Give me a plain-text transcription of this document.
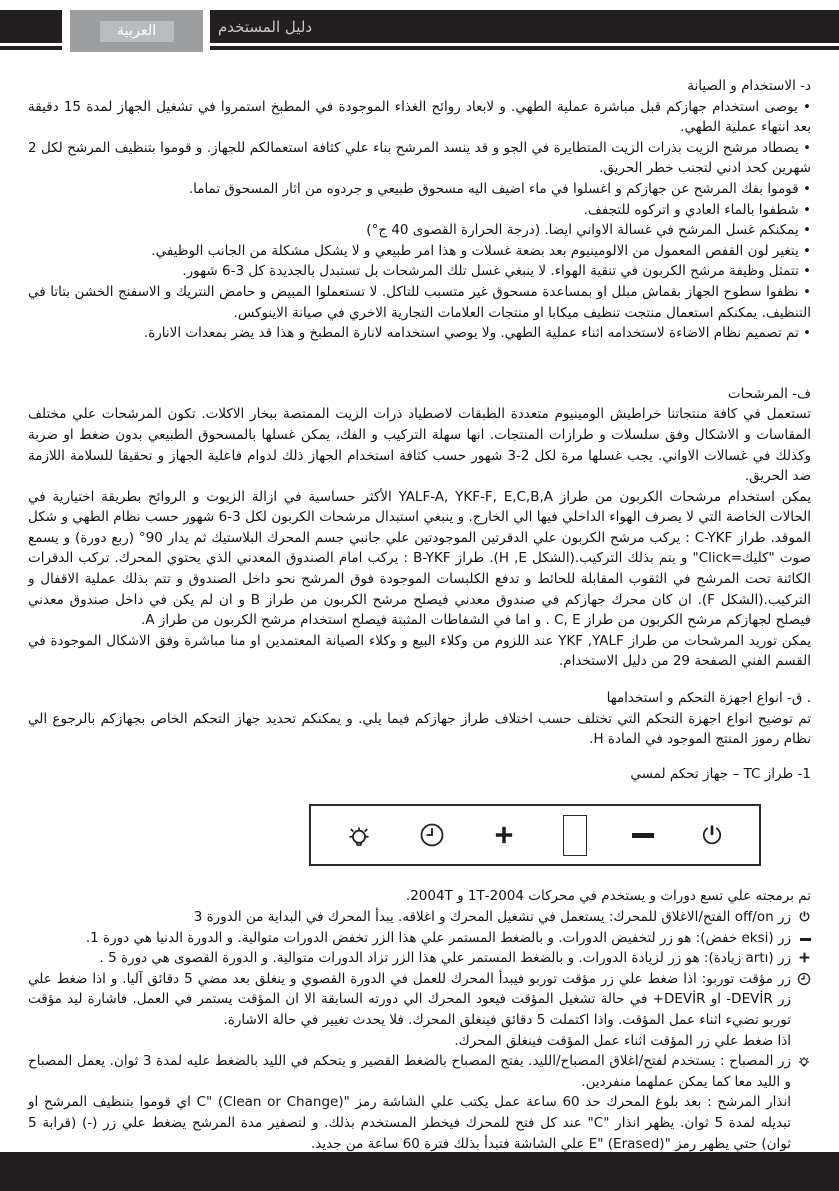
العربية	دليل المستخدم
د- الاستخدام و الصيانة
• يوصى استخدام جهازكم قبل مباشرة عملية الطهي. و لابعاد روائح الغذاء الموجودة في المطبخ استمروا في تشغيل الجهاز لمدة 15 دقيقة بعد انتهاء عملية الطهي.
• يصطاد مرشح الزيت بذرات الزيت المتطايرة في الجو و قد ينسد المرشح بناء علي كثافة استعمالكم للجهاز. و قوموا بتنظيف المرشح لكل 2 شهرين كحد ادني لتجنب خطر الحريق.
• قوموا بفك المرشح عن جهازكم و اغسلوا في ماء اضيف اليه مسحوق طبيعي و جردوه من اثار المسحوق تماما.
• شطفوا بالماء العادي و اتركوه للتجفف.
• يمكنكم غسل المرشح في غسالة الاواني ايضا. (درجة الحرارة القصوى 40 ج°)
• يتغير لون القفص المعمول من الالومينيوم بعد بضعة غسلات و هذا امر طبيعي و لا يشكل مشكلة من الجانب الوظيفي.
• تتمثل وظيفة مرشح الكربون في تنقية الهواء. لا ينبغي غسل تلك المرشحات بل تستبدل بالجديدة كل 3-6 شهور.
• نظفوا سطوح الجهاز بقماش مبلل او بمساعدة مسحوق غير متسبب للتاكل. لا تستعملوا المبيض و حامض النتريك و الاسفنج الخشن بتاتا في التنظيف. يمكنكم استعمال منتجت تنظيف ميكابا او منتجات العلامات التجارية الاخري في صيانة الاينوكس.
• تم تصميم نظام الاضاءة لاستخدامه اثناء عملية الطهي. ولا يوصي استخدامه لانارة المطبخ و هذا قد يضر بمعدات الانارة.
ف- المرشحات
تستعمل في كافة منتجاتنا خراطيش الومينيوم متعددة الطبقات لاصطياد ذرات الزيت الممتصة ببخار الاكلات. تكون المرشحات علي مختلف المقاسات و الاشكال وفق سلسلات و طرازات المنتجات. انها سهلة التركيب و الفك، يمكن غسلها بالمسحوق الطبيعي بدون ضغط او ضربة وكذلك في غسالات الاواني. يجب غسلها مرة لكل 2-3 شهور حسب كثافة استخدام الجهاز ذلك لدوام فاعلية الجهاز و تحقيقا للسلامة اللازمة ضد الحريق.
يمكن استخدام مرشحات الكربون من طراز YALF-A, YKF-F, E,C,B,A الأكثر حساسية في ازالة الزيوت و الروائح بطريقة اختيارية في الحالات الخاصة التي لا يصرف الهواء الداخلي فيها الي الخارج. و ينبغي استبدال مرشحات الكربون لكل 3-6 شهور حسب نظام الطهي و شكل الموقد. طراز C-YKF : يركب مرشح الكربون علي الدقرتين الموجودتين علي جانبي جسم المحرك البلاستيك ثم يدار 90° (ربع دورة) و يسمع صوت "كليك=Click" و يتم بذلك التركيب.(الشكل H ,E). طراز B-YKF : يركب امام الصندوق المعدني الذي يحتوي المحرك. تركب الدقرات الكائنة تحت المرشح في الثقوب المقابلة للحائط و تدفع الكلبسات الموجودة فوق المرشح نحو داخل الصندوق و تتم بذلك عملية الاقفال و التركيب.(الشكل F). ان كان محرك جهازكم في صندوق معدني فيصلح مرشح الكربون من طراز B و ان لم يكن في داخل صندوق معدني فيصلح لجهازكم مرشح الكربون من طراز C, E . و اما في الشفاطات المثبتة فيصلح استخدام مرشح الكربون من طراز A.
يمكن توريد المرشحات من طراز YKF ,YALF عند اللزوم من وكلاء البيع و وكلاء الصيانة المعتمدين او منا مباشرة وفق الاشكال الموجودة في القسم الفني الصفحة 29 من دليل الاستخدام.
. ق- انواع اجهزة التحكم و استخدامها
تم توضيح انواع اجهزة التحكم التي تختلف حسب اختلاف طراز جهازكم فيما يلي. و يمكنكم تحديد جهاز التحكم الخاص بجهازكم بالرجوع الي نظام رموز المنتج الموجود في المادة H.
1- طراز TC – جهاز تحكم لمسي
تم برمجته علي تسع دورات و يستخدم في محركات 2004-1T و 2004T.
زر off/on الفتح/الاغلاق للمحرك: يستعمل في تشغيل المحرك و اغلاقه. يبدأ المحرك في البداية من الدورة 3
زر (eksi خفض): هو زر لتخفيض الدورات. و بالضغط المستمر علي هذا الزر تخفض الدورات متوالية. و الدورة الدنيا هي دورة 1.
زر (artı زيادة): هو زر لزيادة الدورات. و بالضغط المستمر علي هذا الزر تزاد الدورات متوالية. و الدورة القصوى هي دورة 5 .
زر مؤقت توربو: اذا ضغط علي زر مؤقت توربو فيبدأ المحرك للعمل في الدورة القصوي و ينغلق بعد مضي 5 دقائق آليا. و اذا ضغط علي زر DEVİR- او DEVİR+ في حالة تشغيل المؤقت فيعود المحرك الي دورته السابقة الا ان المؤقت يستمر في العمل. فاشارة ليد مؤقت توربو تضيء اثناء عمل المؤقت. واذا اكتملت 5 دقائق فينغلق المحرك. فلا يحدث تغيير في حالة الاشارة.
اذا ضغط علي زر المؤقت اثناء عمل المؤقت فينغلق المحرك.
زر المصباح : يستخدم لفتح/اغلاق المصباح/الليد. يفتح المصباح بالضغط القصير و يتحكم في الليد بالضغط عليه لمدة 3 ثوان. يعمل المصباح و الليد معا كما يمكن عملهما منفردين.
انذار المرشح : بعد بلوغ المحرك حد 60 ساعة عمل يكتب علي الشاشة رمز "C" (Clean or Change) اي قوموا بتنظيف المرشح او تبديله لمدة 5 ثوان. يظهر انذار "C" عند كل فتح للمحرك فيخطر المستخدم بذلك. و لتصفير مدة المرشح يضغط علي زر (-) (قرابة 5 ثوان) حتي يظهر رمز "E" (Erased) علي الشاشة فتبدأ بذلك فترة 60 ساعة من جديد.
